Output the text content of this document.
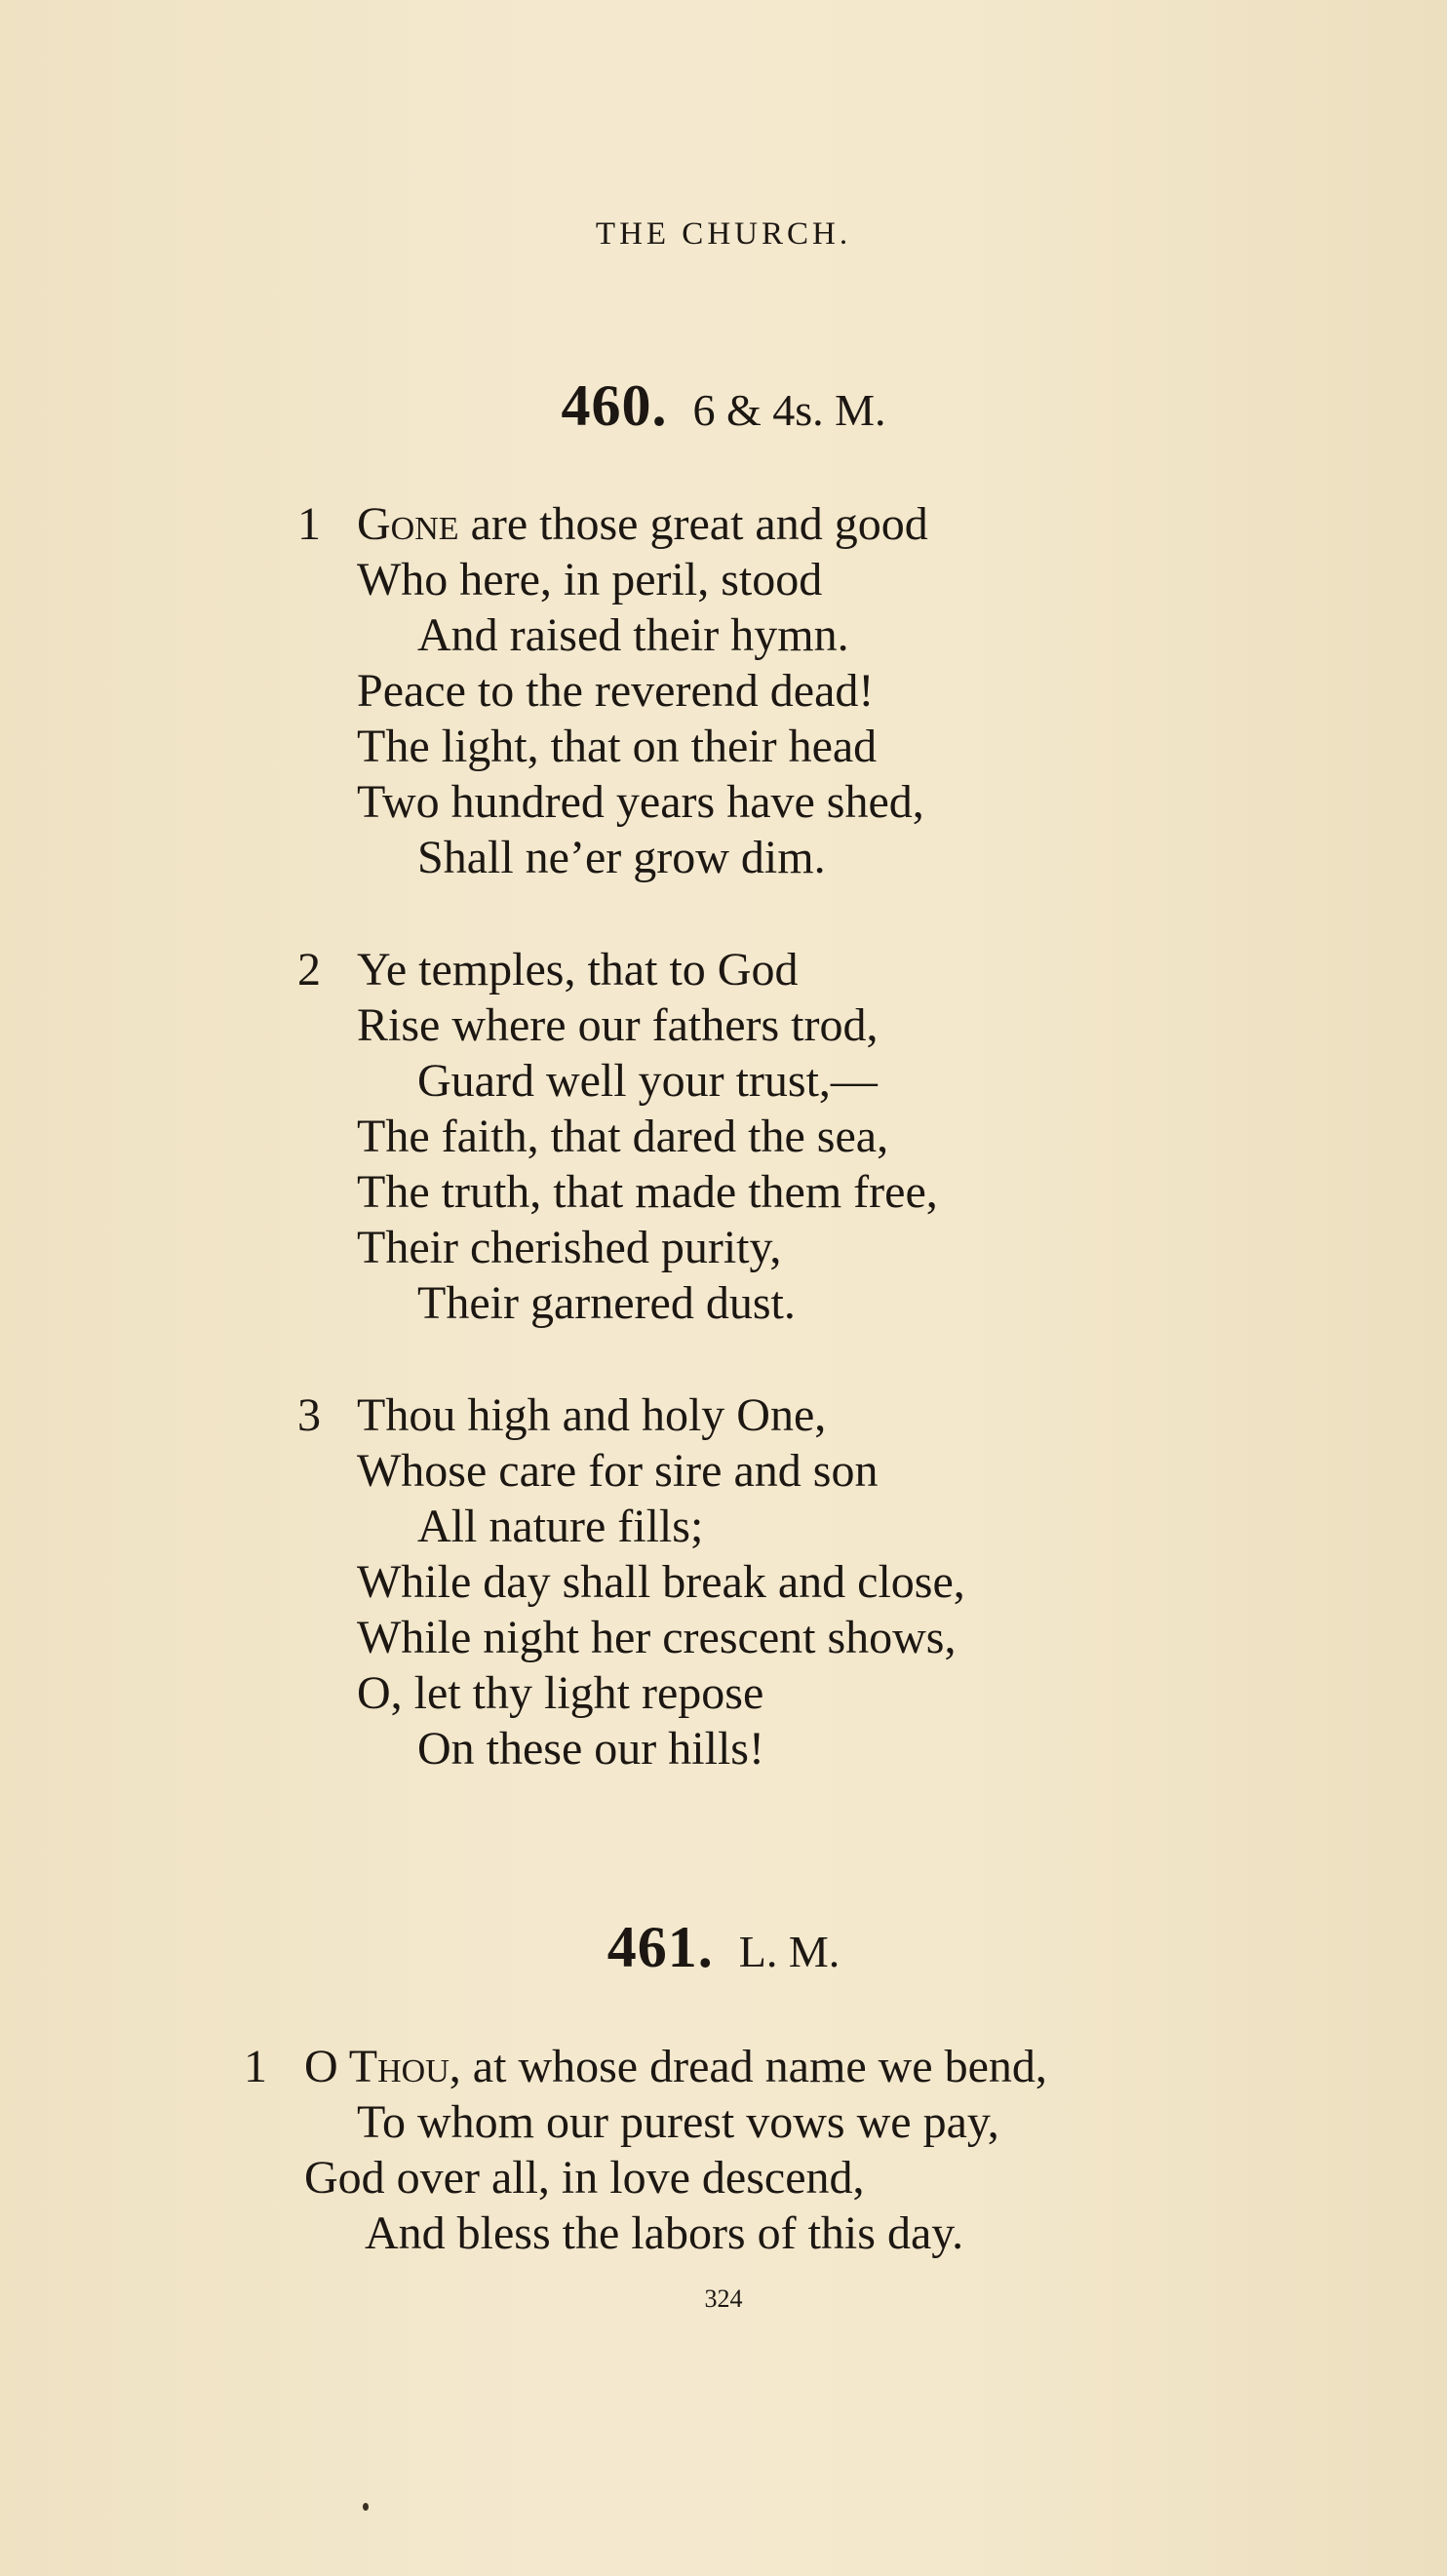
THE CHURCH.
460. 6 & 4s. M.
1 Gone are those great and good
Who here, in peril, stood
And raised their hymn.
Peace to the reverend dead!
The light, that on their head
Two hundred years have shed,
Shall ne’er grow dim.
2 Ye temples, that to God
Rise where our fathers trod,
Guard well your trust,—
The faith, that dared the sea,
The truth, that made them free,
Their cherished purity,
Their garnered dust.
3 Thou high and holy One,
Whose care for sire and son
All nature fills;
While day shall break and close,
While night her crescent shows,
O, let thy light repose
On these our hills!
461. L. M.
1 O Thou, at whose dread name we bend,
To whom our purest vows we pay,
God over all, in love descend,
And bless the labors of this day.
324
